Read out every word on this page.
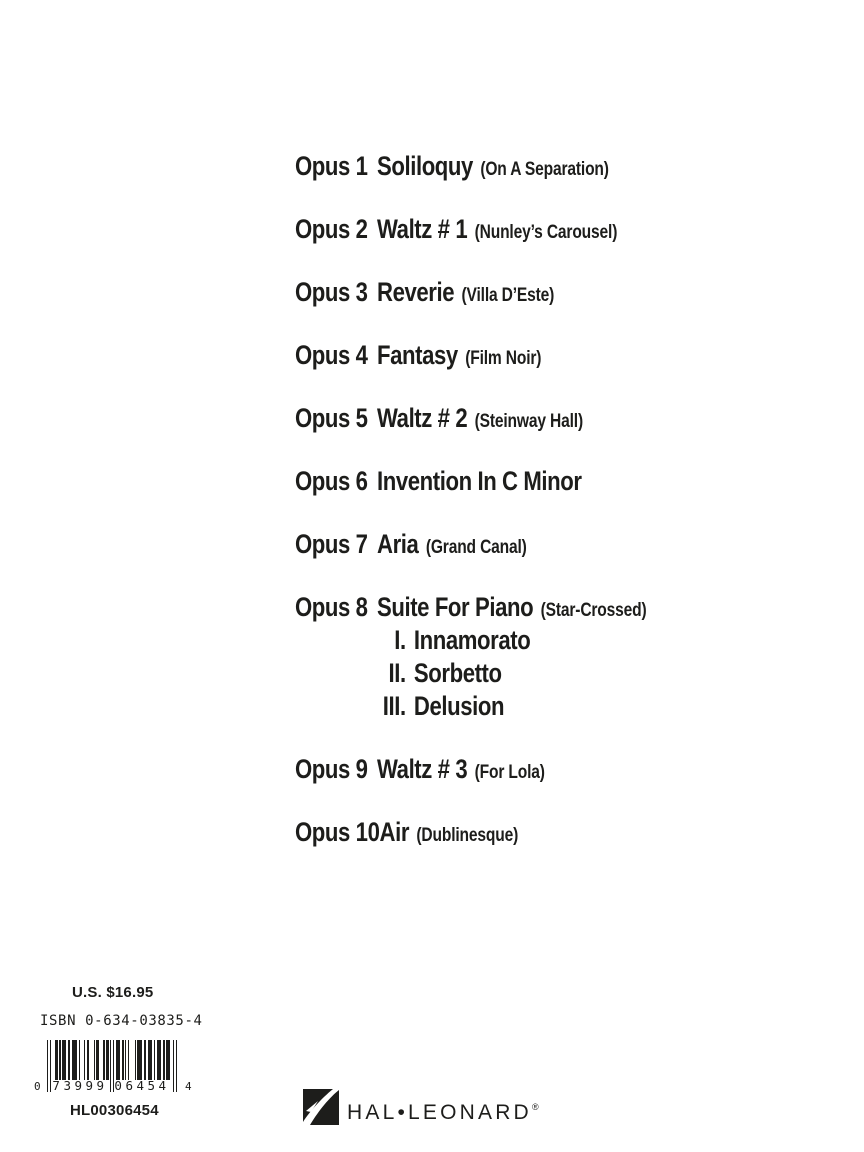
Opus 1 Soliloquy (On A Separation)
Opus 2 Waltz # 1 (Nunley’s Carousel)
Opus 3 Reverie (Villa D’Este)
Opus 4 Fantasy (Film Noir)
Opus 5 Waltz # 2 (Steinway Hall)
Opus 6 Invention In C Minor
Opus 7 Aria (Grand Canal)
Opus 8 Suite For Piano (Star-Crossed)
I. Innamorato
II. Sorbetto
III. Delusion
Opus 9 Waltz # 3 (For Lola)
Opus 10Air (Dublinesque)
U.S. $16.95
ISBN 0-634-03835-4
0 73999 06454 4
HL00306454	HAL•LEONARD®
